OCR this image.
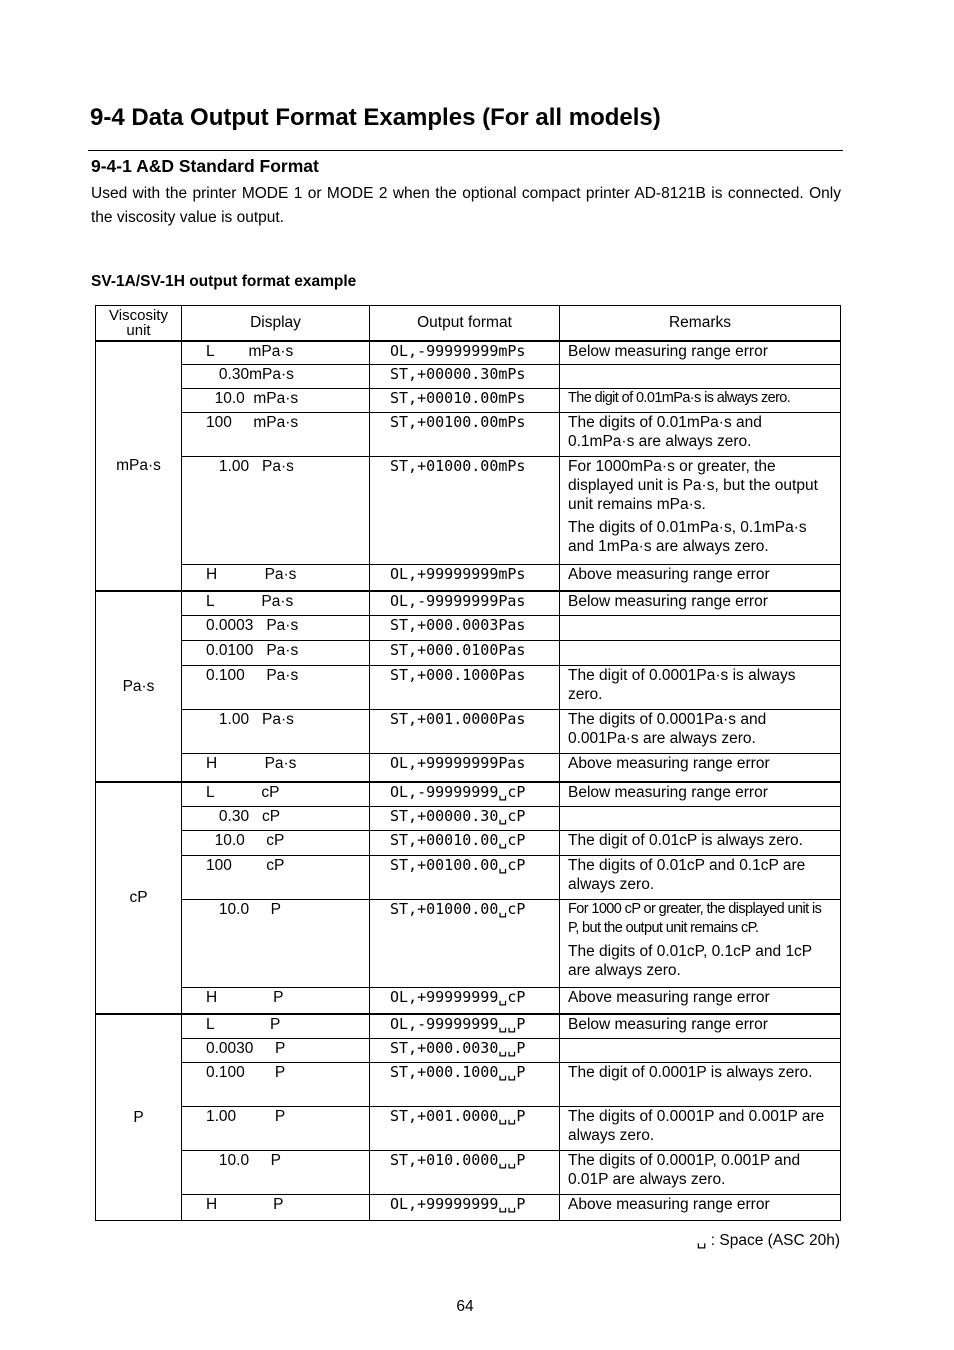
9-4 Data Output Format Examples (For all models)
9-4-1 A&D Standard Format

Used with the printer MODE 1 or MODE 2 when the optional compact printer AD-8121B is connected. Only the viscosity value is output.

SV-1A/SV-1H output format example
Viscosity unit	Display	Output format	Remarks
mPa·s	L        mPa·s	OL,-99999999mPs	Below measuring range error

	0.30mPa·s	ST,+00000.30mPs	

	10.0  mPa·s	ST,+00010.00mPs	The digit of 0.01mPa·s is always zero.

	100     mPa·s	ST,+00100.00mPs	The digits of 0.01mPa·s and 0.1mPa·s are always zero.

	1.00   Pa·s	ST,+01000.00mPs	For 1000mPa·s or greater, the displayed unit is Pa·s, but the output unit remains mPa·s.

The digits of 0.01mPa·s, 0.1mPa·s and 1mPa·s are always zero.

	H           Pa·s	OL,+99999999mPs	Above measuring range error

Pa·s	L           Pa·s	OL,-99999999Pas	Below measuring range error

	0.0003   Pa·s	ST,+000.0003Pas	

	0.0100   Pa·s	ST,+000.0100Pas	

	0.100     Pa·s	ST,+000.1000Pas	The digit of 0.0001Pa·s is always zero.

	1.00   Pa·s	ST,+001.0000Pas	The digits of 0.0001Pa·s and 0.001Pa·s are always zero.

	H           Pa·s	OL,+99999999Pas	Above measuring range error

cP	L           cP	OL,-99999999␣cP	Below measuring range error

	0.30   cP	ST,+00000.30␣cP	

	10.0     cP	ST,+00010.00␣cP	The digit of 0.01cP is always zero.

	100        cP	ST,+00100.00␣cP	The digits of 0.01cP and 0.1cP are always zero.

	10.0     P	ST,+01000.00␣cP	For 1000 cP or greater, the displayed unit is P, but the output unit remains cP.

The digits of 0.01cP, 0.1cP and 1cP are always zero.

	H             P	OL,+99999999␣cP	Above measuring range error

P	L             P	OL,-99999999␣␣P	Below measuring range error

	0.0030     P	ST,+000.0030␣␣P	

	0.100       P	ST,+000.1000␣␣P	The digit of 0.0001P is always zero.

	1.00         P	ST,+001.0000␣␣P	The digits of 0.0001P and 0.001P are always zero.

	10.0     P	ST,+010.0000␣␣P	The digits of 0.0001P, 0.001P and 0.01P are always zero.

	H             P	OL,+99999999␣␣P	Above measuring range error

␣ : Space (ASC 20h)
64
